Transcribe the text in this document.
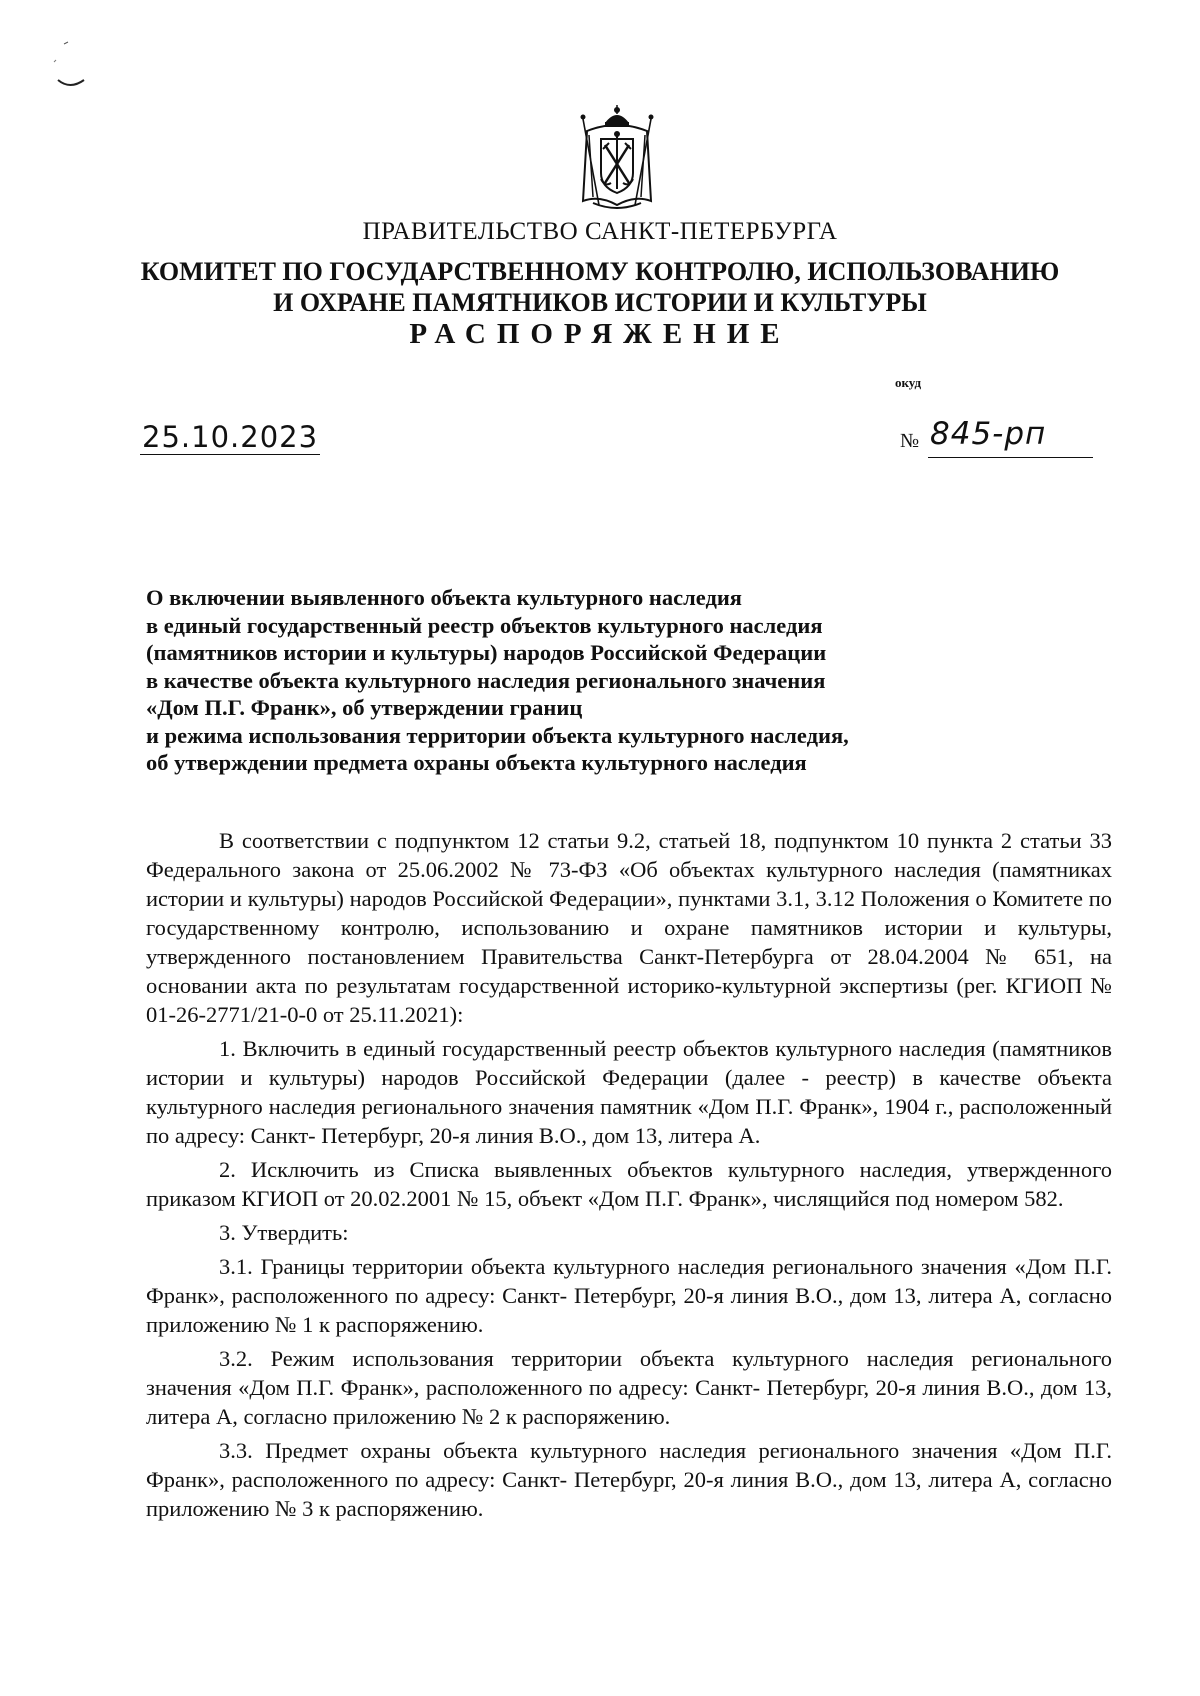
ПРАВИТЕЛЬСТВО САНКТ-ПЕТЕРБУРГА
КОМИТЕТ ПО ГОСУДАРСТВЕННОМУ КОНТРОЛЮ, ИСПОЛЬЗОВАНИЮ
И ОХРАНЕ ПАМЯТНИКОВ ИСТОРИИ И КУЛЬТУРЫ
РАСПОРЯЖЕНИЕ
окуд
25.10.2023	№ 845-рп
О включении выявленного объекта культурного наследия
в единый государственный реестр объектов культурного наследия
(памятников истории и культуры) народов Российской Федерации
в качестве объекта культурного наследия регионального значения
«Дом П.Г. Франк», об утверждении границ
и режима использования территории объекта культурного наследия,
об утверждении предмета охраны объекта культурного наследия

В соответствии с подпунктом 12 статьи 9.2, статьей 18, подпунктом 10 пункта 2 статьи 33 Федерального закона от 25.06.2002 № 73-ФЗ «Об объектах культурного наследия (памятниках истории и культуры) народов Российской Федерации», пунктами 3.1, 3.12 Положения о Комитете по государственному контролю, использованию и охране памятников истории и культуры, утвержденного постановлением Правительства Санкт-Петербурга от 28.04.2004 № 651, на основании акта по результатам государственной историко-культурной экспертизы (рег. КГИОП № 01-26-2771/21-0-0 от 25.11.2021):

1. Включить в единый государственный реестр объектов культурного наследия (памятников истории и культуры) народов Российской Федерации (далее - реестр) в качестве объекта культурного наследия регионального значения памятник «Дом П.Г. Франк», 1904 г., расположенный по адресу: Санкт- Петербург, 20-я линия В.О., дом 13, литера А.

2. Исключить из Списка выявленных объектов культурного наследия, утвержденного приказом КГИОП от 20.02.2001 № 15, объект «Дом П.Г. Франк», числящийся под номером 582.

3. Утвердить:

3.1. Границы территории объекта культурного наследия регионального значения «Дом П.Г. Франк», расположенного по адресу: Санкт- Петербург, 20-я линия В.О., дом 13, литера А, согласно приложению № 1 к распоряжению.

3.2. Режим использования территории объекта культурного наследия регионального значения «Дом П.Г. Франк», расположенного по адресу: Санкт- Петербург, 20-я линия В.О., дом 13, литера А, согласно приложению № 2 к распоряжению.

3.3. Предмет охраны объекта культурного наследия регионального значения «Дом П.Г. Франк», расположенного по адресу: Санкт- Петербург, 20-я линия В.О., дом 13, литера А, согласно приложению № 3 к распоряжению.
